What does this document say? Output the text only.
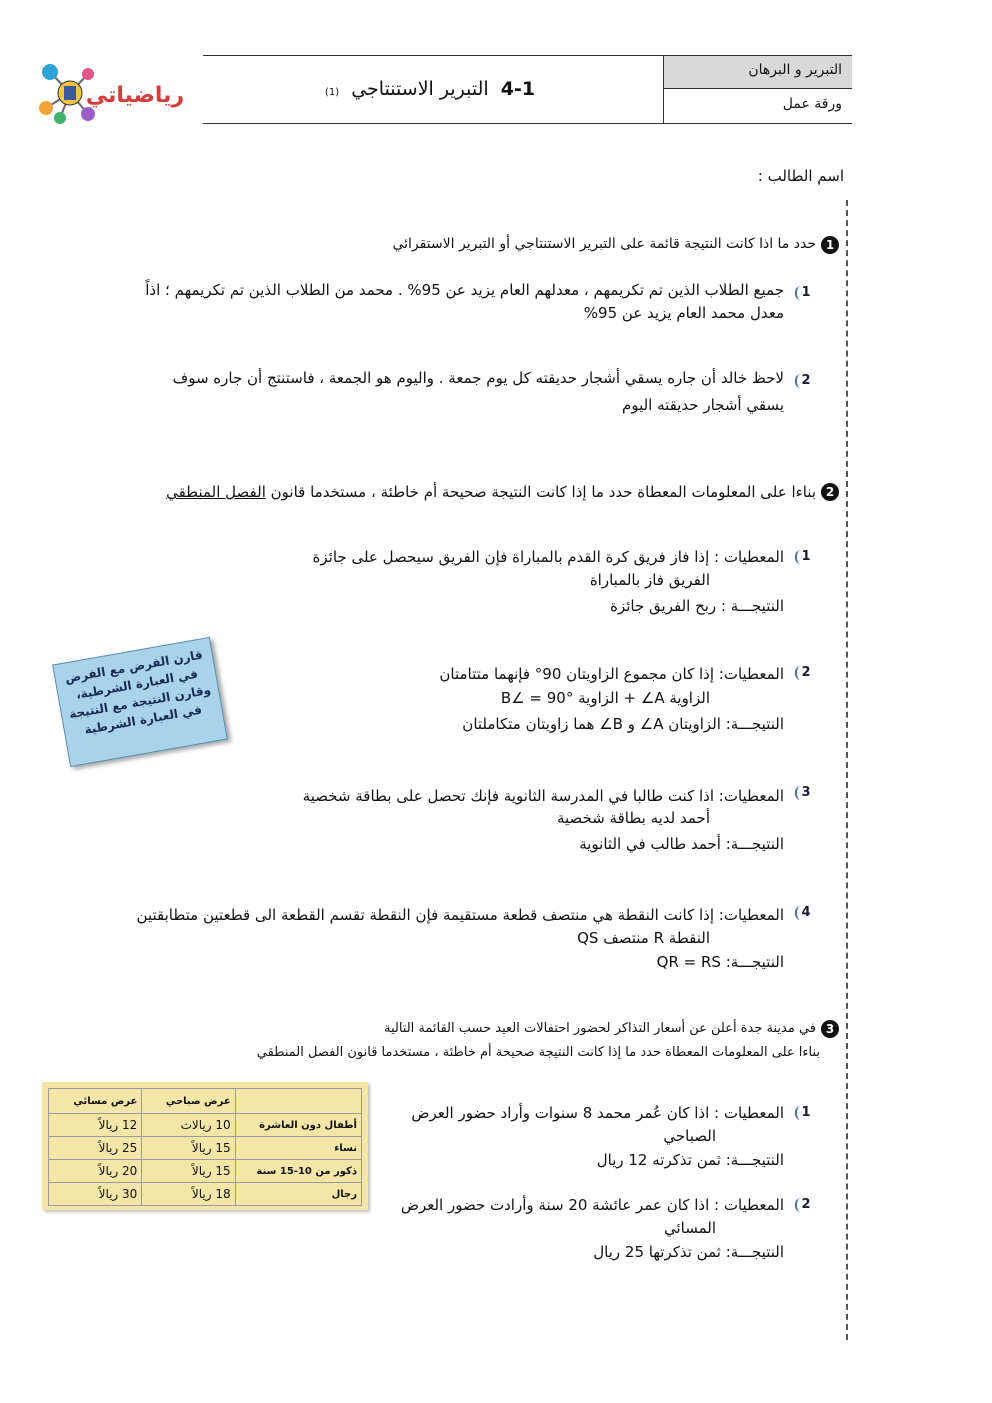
رياضياتي
التبرير و البرهان
ورقة عمل
4-1  التبرير الاستنتاجي  (1)
اسم الطالب :
1
حدد ما اذا كانت النتيجة قائمة على التبرير الاستنتاجي أو التبرير الاستقرائي
1
جميع الطلاب الذين تم تكريمهم ، معدلهم العام يزيد عن 95% . محمد من الطلاب الذين تم تكريمهم ؛ اذاً
معدل محمد العام يزيد عن 95%
2
لاحظ خالد أن جاره يسقي أشجار حديقته كل يوم جمعة . واليوم هو الجمعة ، فاستنتج أن جاره سوف
يسقي أشجار حديقته اليوم
2
بناءا على المعلومات المعطاة حدد ما إذا كانت النتيجة صحيحة أم خاطئة ، مستخدما قانون الفصل المنطقي
1
المعطيات : إذا فاز فريق كرة القدم بالمباراة فإن الفريق سيحصل على جائزة
الفريق فاز بالمباراة
النتيجـــة : ربح الفريق جائزة
قارن الفرض مع الفرض في العبارة الشرطية، وقارن النتيجة مع النتيجة في العبارة الشرطية
2
المعطيات: إذا كان مجموع الزاويتان 90° فإنهما متتامتان
الزاوية A∠ + الزاوية B∠ = 90°
النتيجـــة: الزاويتان A∠ و B∠ هما زاويتان متكاملتان
3
المعطيات: اذا كنت طالبا في المدرسة الثانوية فإنك تحصل على بطاقة شخصية
أحمد لديه بطاقة شخصية
النتيجـــة: أحمد طالب في الثانوية
4
المعطيات: إذا كانت النقطة هي منتصف قطعة مستقيمة فإن النقطة تقسم القطعة الى قطعتين متطابقتين
النقطة R منتصف QS
النتيجـــة: QR = RS
3
في مدينة جدة أعلن عن أسعار التذاكر لحضور احتفالات العيد حسب القائمة التالية
بناءا على المعلومات المعطاة حدد ما إذا كانت النتيجة صحيحة أم خاطئة ، مستخدما قانون الفصل المنطقي
	عرض صباحي	عرض مسائي
أطفال دون العاشرة	10 ريالات	12 ريالاً
نساء	15 ريالاً	25 ريالاً
ذكور من 10-15 سنة	15 ريالاً	20 ريالاً
رجال	18 ريالاً	30 ريالاً
1
المعطيات : اذا كان عُمر محمد 8 سنوات وأراد حضور العرض
الصباحي
النتيجـــة: ثمن تذكرته 12 ريال
2
المعطيات : اذا كان عمر عائشة 20 سنة وأرادت حضور العرض
المسائي
النتيجـــة: ثمن تذكرتها 25 ريال
